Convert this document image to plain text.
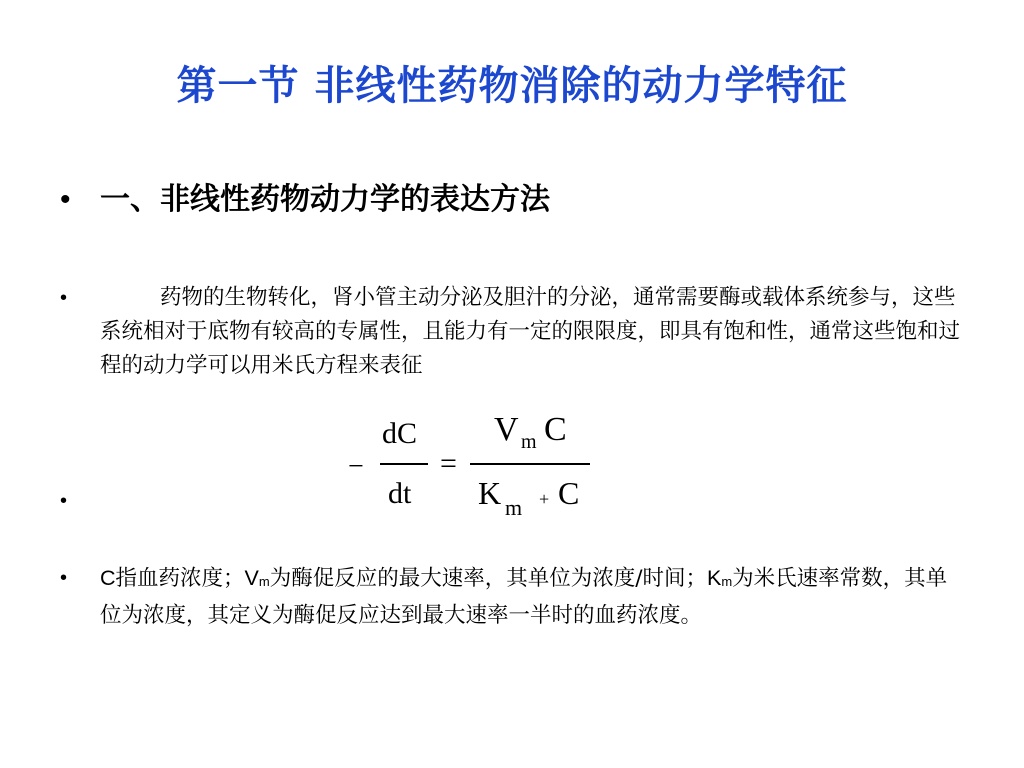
第一节 非线性药物消除的动力学特征
• 一、非线性药物动力学的表达方法
•	药物的生物转化，肾小管主动分泌及胆汁的分泌，通常需要酶或载体系统参与，这些系统相对于底物有较高的专属性，且能力有一定的限限度，即具有饱和性，通常这些饱和过程的动力学可以用米氏方程来表征
−
dC
dt
=
V m C
K m + C
•
• C指血药浓度；Vm为酶促反应的最大速率，其单位为浓度/时间；Km为米氏速率常数，其单位为浓度，其定义为酶促反应达到最大速率一半时的血药浓度。
